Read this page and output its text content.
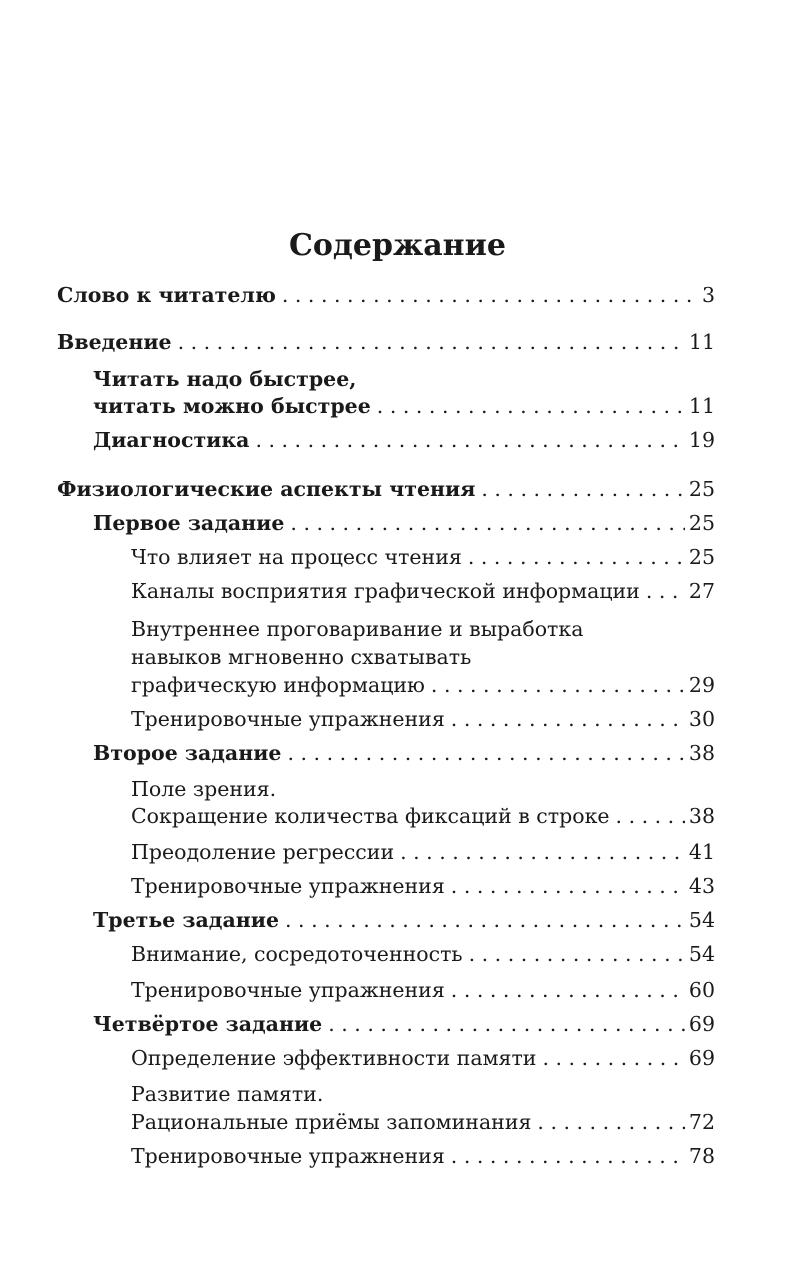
Содержание
Слово к читателю . . .	3
Введение . . .	11
Читать надо быстрее,
читать можно быстрее . . .	11
Диагностика . . .	19
Физиологические аспекты чтения . . .	25
Первое задание . . .	25
Что влияет на процесс чтения . . .	25
Каналы восприятия графической информации . . . 27
Внутреннее проговаривание и выработка
навыков мгновенно схватывать
графическую информацию . . .	29
Тренировочные упражнения . . .	30
Второе задание . . .	38
Поле зрения.
Сокращение количества фиксаций в строке . . .	38
Преодоление регрессии . . .	41
Тренировочные упражнения . . .	43
Третье задание . . .	54
Внимание, сосредоточенность . . .	54
Тренировочные упражнения . . .	60
Четвёртое задание . . .	69
Определение эффективности памяти . . .	69
Развитие памяти.
Рациональные приёмы запоминания . . .	72
Тренировочные упражнения . . .	78
